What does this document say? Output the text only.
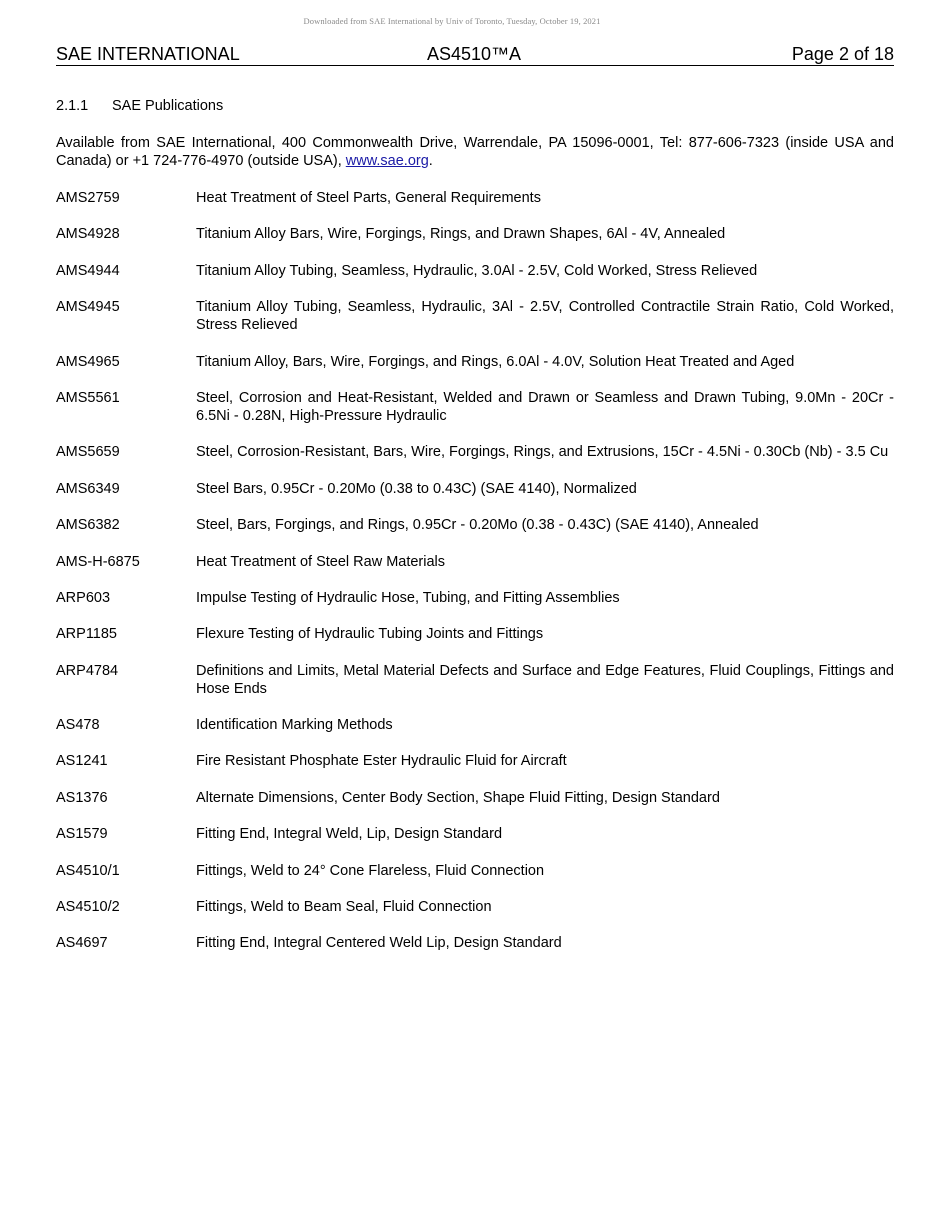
Downloaded from SAE International by Univ of Toronto, Tuesday, October 19, 2021
SAE INTERNATIONAL	AS4510™A	Page 2 of 18
2.1.1 SAE Publications
Available from SAE International, 400 Commonwealth Drive, Warrendale, PA 15096-0001, Tel: 877-606-7323 (inside USA and Canada) or +1 724-776-4970 (outside USA), www.sae.org.
AMS2759	Heat Treatment of Steel Parts, General Requirements
AMS4928	Titanium Alloy Bars, Wire, Forgings, Rings, and Drawn Shapes, 6Al - 4V, Annealed
AMS4944	Titanium Alloy Tubing, Seamless, Hydraulic, 3.0Al - 2.5V, Cold Worked, Stress Relieved
AMS4945	Titanium Alloy Tubing, Seamless, Hydraulic, 3Al - 2.5V, Controlled Contractile Strain Ratio, Cold Worked, Stress Relieved
AMS4965	Titanium Alloy, Bars, Wire, Forgings, and Rings, 6.0Al - 4.0V, Solution Heat Treated and Aged
AMS5561	Steel, Corrosion and Heat-Resistant, Welded and Drawn or Seamless and Drawn Tubing, 9.0Mn - 20Cr - 6.5Ni - 0.28N, High-Pressure Hydraulic
AMS5659	Steel, Corrosion-Resistant, Bars, Wire, Forgings, Rings, and Extrusions, 15Cr - 4.5Ni - 0.30Cb (Nb) - 3.5 Cu
AMS6349	Steel Bars, 0.95Cr - 0.20Mo (0.38 to 0.43C) (SAE 4140), Normalized
AMS6382	Steel, Bars, Forgings, and Rings, 0.95Cr - 0.20Mo (0.38 - 0.43C) (SAE 4140), Annealed
AMS-H-6875	Heat Treatment of Steel Raw Materials
ARP603	Impulse Testing of Hydraulic Hose, Tubing, and Fitting Assemblies
ARP1185	Flexure Testing of Hydraulic Tubing Joints and Fittings
ARP4784	Definitions and Limits, Metal Material Defects and Surface and Edge Features, Fluid Couplings, Fittings and Hose Ends
AS478	Identification Marking Methods
AS1241	Fire Resistant Phosphate Ester Hydraulic Fluid for Aircraft
AS1376	Alternate Dimensions, Center Body Section, Shape Fluid Fitting, Design Standard
AS1579	Fitting End, Integral Weld, Lip, Design Standard
AS4510/1	Fittings, Weld to 24° Cone Flareless, Fluid Connection
AS4510/2	Fittings, Weld to Beam Seal, Fluid Connection
AS4697	Fitting End, Integral Centered Weld Lip, Design Standard
